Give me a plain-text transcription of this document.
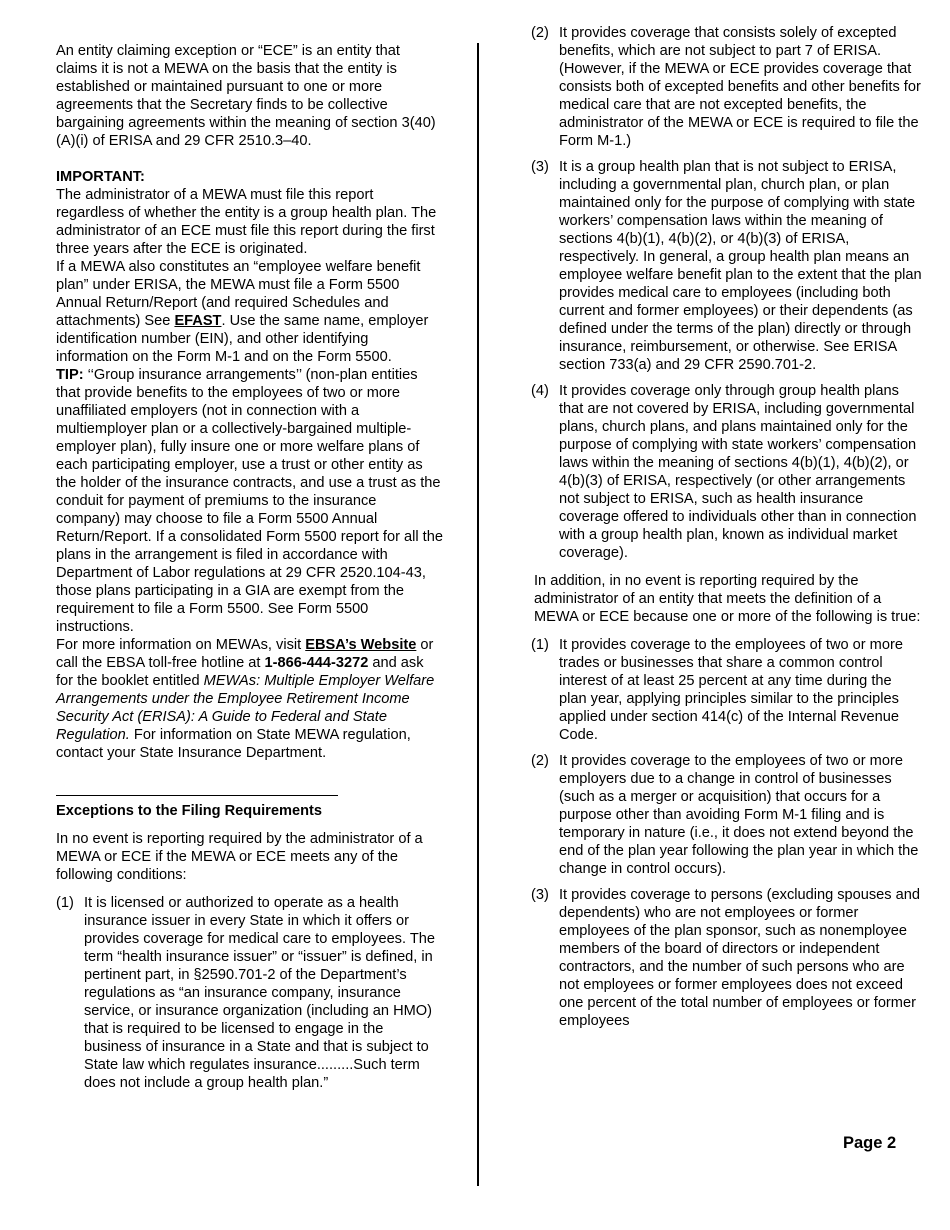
An entity claiming exception or “ECE” is an entity that claims it is not a MEWA on the basis that the entity is established or maintained pursuant to one or more agreements that the Secretary finds to be collective bargaining agreements within the meaning of section 3(40)(A)(i) of ERISA and 29 CFR 2510.3–40.

IMPORTANT:

The administrator of a MEWA must file this report regardless of whether the entity is a group health plan. The administrator of an ECE must file this report during the first three years after the ECE is originated.

If a MEWA also constitutes an “employee welfare benefit plan” under ERISA, the MEWA must file a Form 5500 Annual Return/Report (and required Schedules and attachments) See EFAST. Use the same name, employer identification number (EIN), and other identifying information on the Form M-1 and on the Form 5500.

TIP: ‘‘Group insurance arrangements’’ (non-plan entities that provide benefits to the employees of two or more unaffiliated employers (not in connection with a multiemployer plan or a collectively-bargained multiple-employer plan), fully insure one or more welfare plans of each participating employer, use a trust or other entity as the holder of the insurance contracts, and use a trust as the conduit for payment of premiums to the insurance company) may choose to file a Form 5500 Annual Return/Report. If a consolidated Form 5500 report for all the plans in the arrangement is filed in accordance with Department of Labor regulations at 29 CFR 2520.104-43, those plans participating in a GIA are exempt from the requirement to file a Form 5500. See Form 5500 instructions.

For more information on MEWAs, visit EBSA’s Website or call the EBSA toll-free hotline at 1-866-444-3272 and ask for the booklet entitled MEWAs: Multiple Employer Welfare Arrangements under the Employee Retirement Income Security Act (ERISA): A Guide to Federal and State Regulation. For information on State MEWA regulation, contact your State Insurance Department.

Exceptions to the Filing Requirements

In no event is reporting required by the administrator of a MEWA or ECE if the MEWA or ECE meets any of the following conditions:

(1) It is licensed or authorized to operate as a health insurance issuer in every State in which it offers or provides coverage for medical care to employees. The term “health insurance issuer” or “issuer” is defined, in pertinent part, in §2590.701-2 of the Department’s regulations as “an insurance company, insurance service, or insurance organization (including an HMO) that is required to be licensed to engage in the business of insurance in a State and that is subject to State law which regulates insurance.........Such term does not include a group health plan.”
(2) It provides coverage that consists solely of excepted benefits, which are not subject to part 7 of ERISA. (However, if the MEWA or ECE provides coverage that consists both of excepted benefits and other benefits for medical care that are not excepted benefits, the administrator of the MEWA or ECE is required to file the Form M-1.)
(3) It is a group health plan that is not subject to ERISA, including a governmental plan, church plan, or plan maintained only for the purpose of complying with state workers’ compensation laws within the meaning of sections 4(b)(1), 4(b)(2), or 4(b)(3) of ERISA, respectively. In general, a group health plan means an employee welfare benefit plan to the extent that the plan provides medical care to employees (including both current and former employees) or their dependents (as defined under the terms of the plan) directly or through insurance, reimbursement, or otherwise. See ERISA section 733(a) and 29 CFR 2590.701-2.
(4) It provides coverage only through group health plans that are not covered by ERISA, including governmental plans, church plans, and plans maintained only for the purpose of complying with state workers’ compensation laws within the meaning of sections 4(b)(1), 4(b)(2), or 4(b)(3) of ERISA, respectively (or other arrangements not subject to ERISA, such as health insurance coverage offered to individuals other than in connection with a group health plan, known as individual market coverage).

In addition, in no event is reporting required by the administrator of an entity that meets the definition of a MEWA or ECE because one or more of the following is true:

(1) It provides coverage to the employees of two or more trades or businesses that share a common control interest of at least 25 percent at any time during the plan year, applying principles similar to the principles applied under section 414(c) of the Internal Revenue Code.
(2) It provides coverage to the employees of two or more employers due to a change in control of businesses (such as a merger or acquisition) that occurs for a purpose other than avoiding Form M-1 filing and is temporary in nature (i.e., it does not extend beyond the end of the plan year following the plan year in which the change in control occurs).
(3) It provides coverage to persons (excluding spouses and dependents) who are not employees or former employees of the plan sponsor, such as nonemployee members of the board of directors or independent contractors, and the number of such persons who are not employees or former employees does not exceed one percent of the total number of employees or former employees
Page 2
